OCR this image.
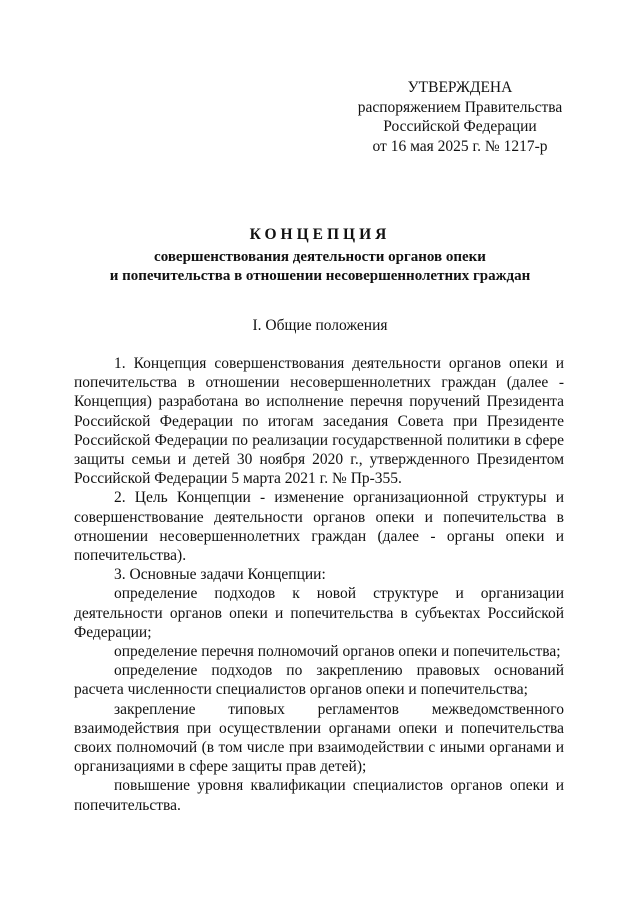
УТВЕРЖДЕНА
распоряжением Правительства
Российской Федерации
от 16 мая 2025 г. № 1217-р
КОНЦЕПЦИЯ
совершенствования деятельности органов опеки
и попечительства в отношении несовершеннолетних граждан
I. Общие положения

1. Концепция совершенствования деятельности органов опеки и попечительства в отношении несовершеннолетних граждан (далее - Концепция) разработана во исполнение перечня поручений Президента Российской Федерации по итогам заседания Совета при Президенте Российской Федерации по реализации государственной политики в сфере защиты семьи и детей 30 ноября 2020 г., утвержденного Президентом Российской Федерации 5 марта 2021 г. № Пр-355.

2. Цель Концепции - изменение организационной структуры и совершенствование деятельности органов опеки и попечительства в отношении несовершеннолетних граждан (далее - органы опеки и попечительства).

3. Основные задачи Концепции:

определение подходов к новой структуре и организации деятельности органов опеки и попечительства в субъектах Российской Федерации;

определение перечня полномочий органов опеки и попечительства;

определение подходов по закреплению правовых оснований расчета численности специалистов органов опеки и попечительства;

закрепление типовых регламентов межведомственного взаимодействия при осуществлении органами опеки и попечительства своих полномочий (в том числе при взаимодействии с иными органами и организациями в сфере защиты прав детей);

повышение уровня квалификации специалистов органов опеки и попечительства.
